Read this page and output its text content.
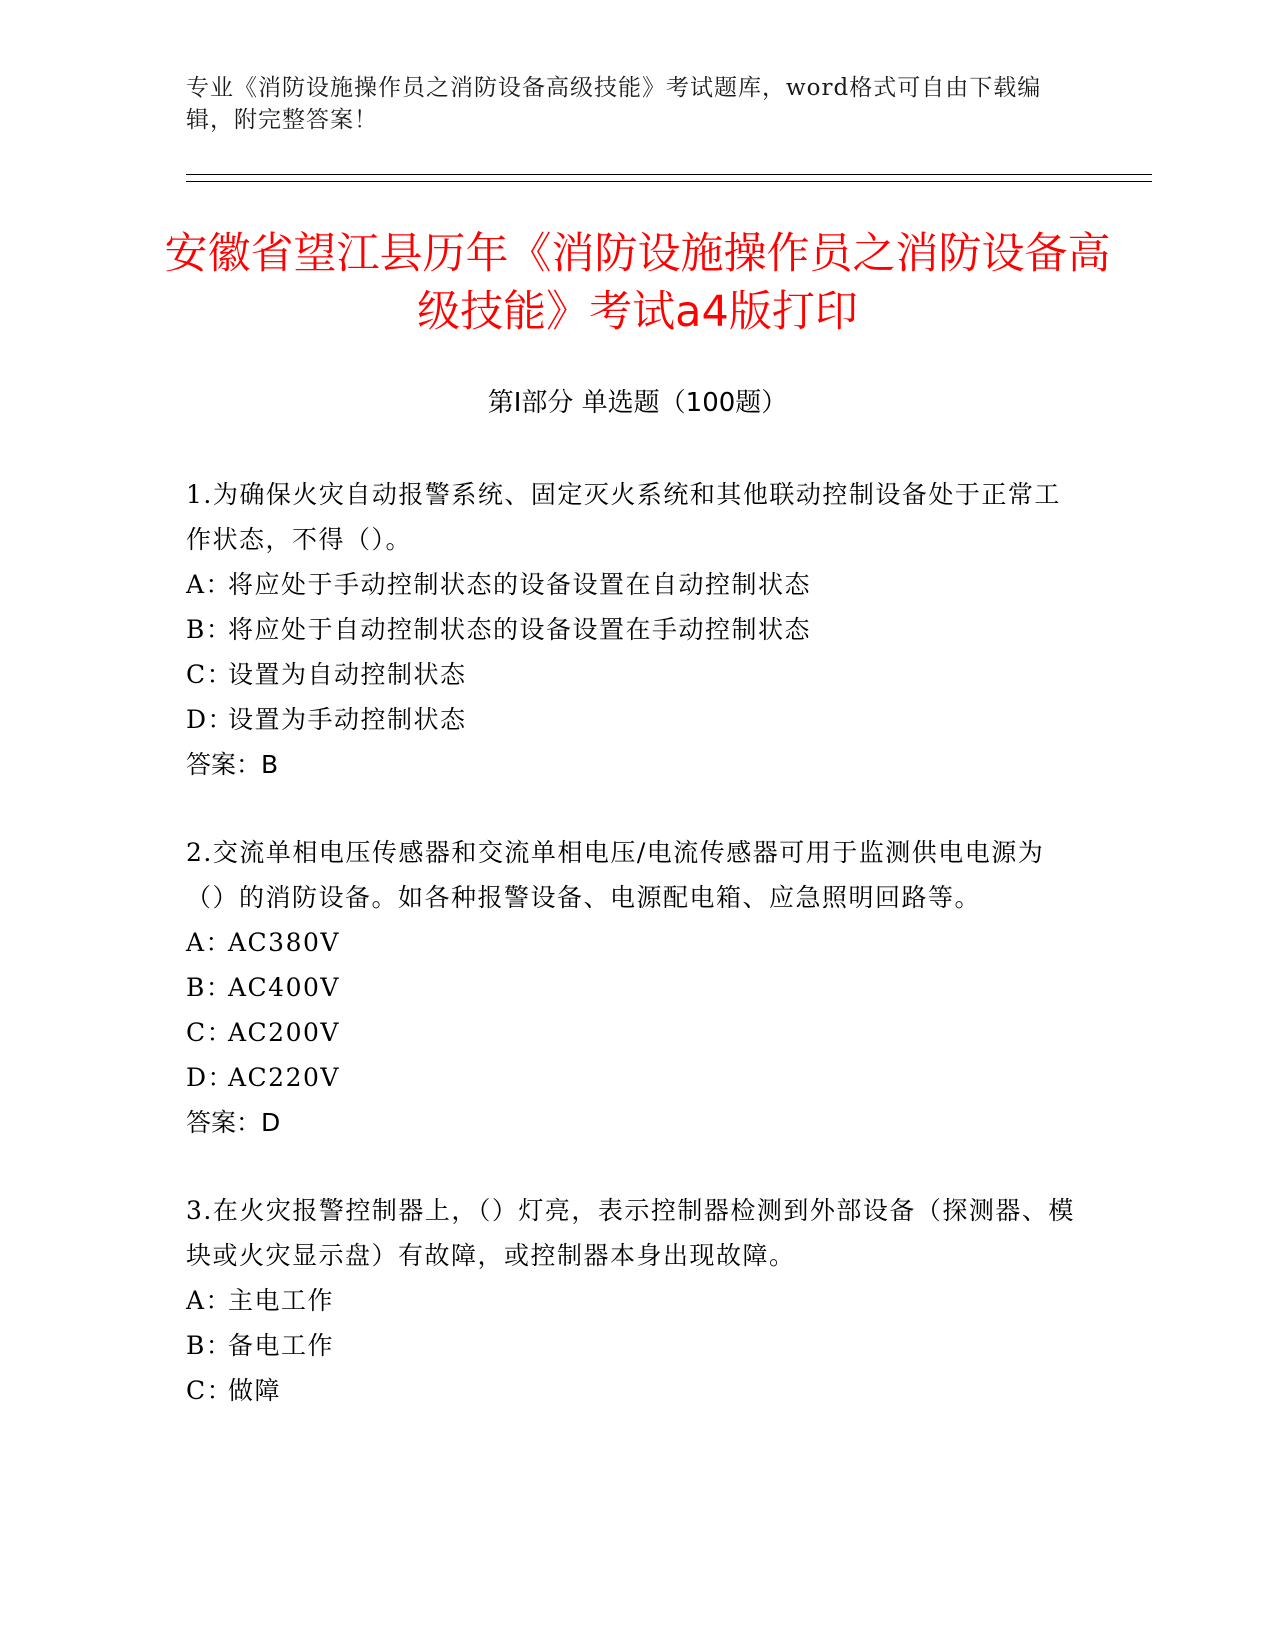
专业《消防设施操作员之消防设备高级技能》考试题库，word格式可自由下载编辑，附完整答案！
安徽省望江县历年《消防设施操作员之消防设备高级技能》考试a4版打印
第Ⅰ部分 单选题（100题）

1.为确保火灾自动报警系统、固定灭火系统和其他联动控制设备处于正常工作状态，不得（）。

A：将应处于手动控制状态的设备设置在自动控制状态

B：将应处于自动控制状态的设备设置在手动控制状态

C：设置为自动控制状态

D：设置为手动控制状态

答案：B

2.交流单相电压传感器和交流单相电压/电流传感器可用于监测供电电源为（）的消防设备。如各种报警设备、电源配电箱、应急照明回路等。

A：AC380V

B：AC400V

C：AC200V

D：AC220V

答案：D

3.在火灾报警控制器上，（）灯亮，表示控制器检测到外部设备（探测器、模块或火灾显示盘）有故障，或控制器本身出现故障。

A：主电工作

B：备电工作

C：做障
